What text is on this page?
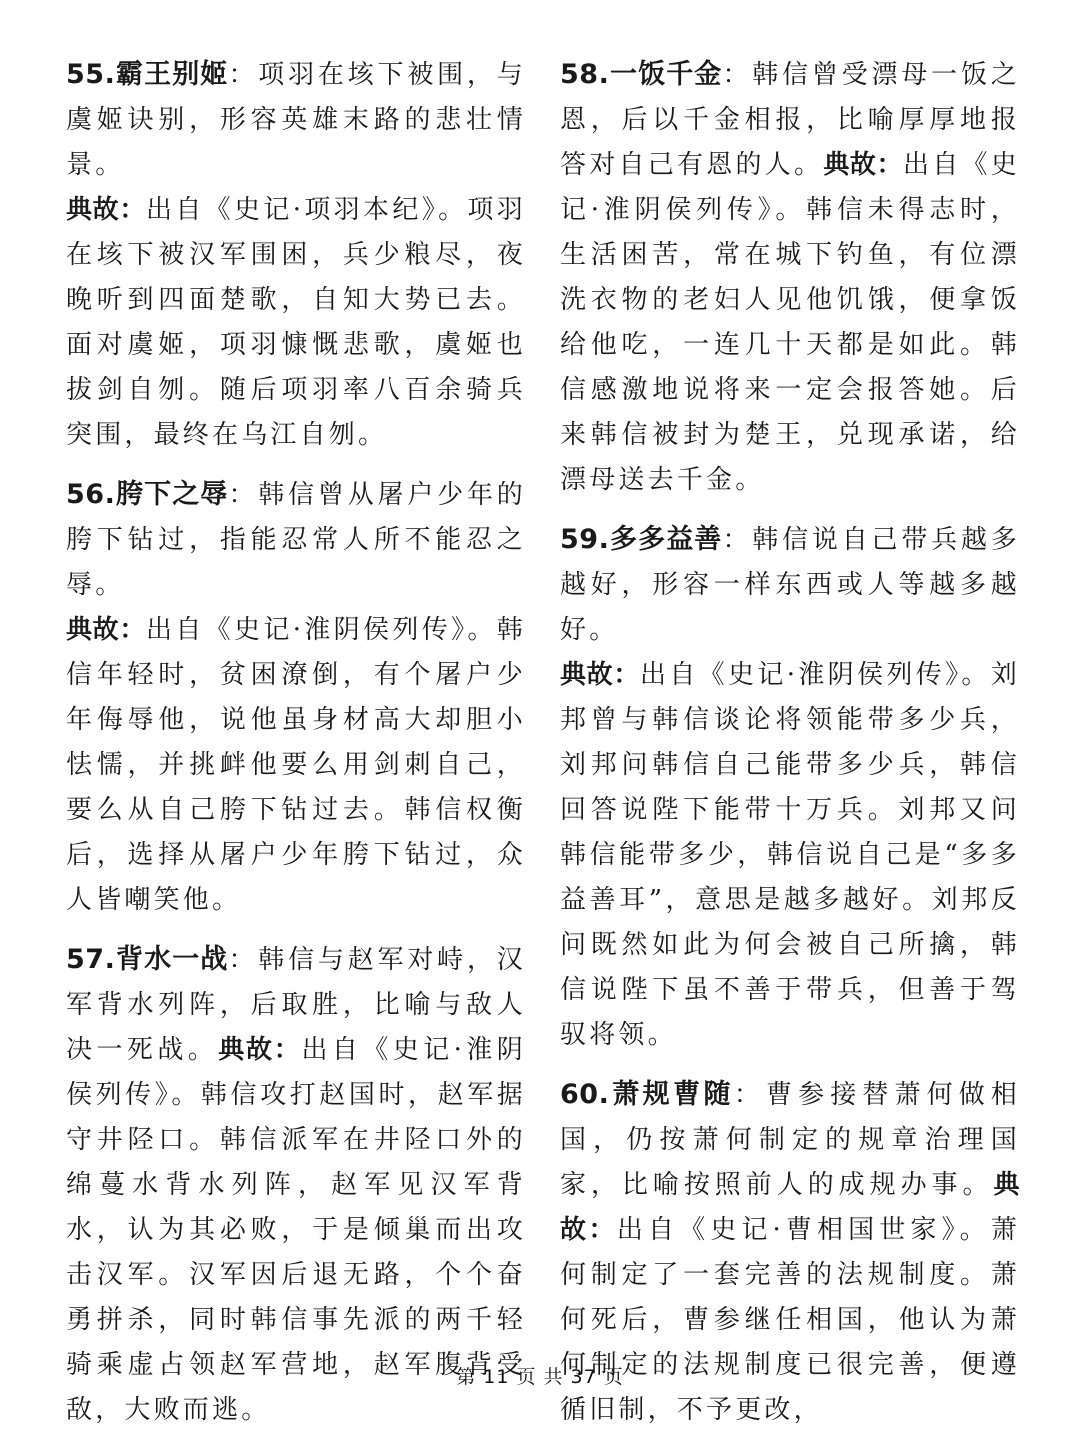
55.霸王别姬：项羽在垓下被围，与虞姬诀别，形容英雄末路的悲壮情景。
典故：出自《史记·项羽本纪》。项羽在垓下被汉军围困，兵少粮尽，夜晚听到四面楚歌，自知大势已去。面对虞姬，项羽慷慨悲歌，虞姬也拔剑自刎。随后项羽率八百余骑兵突围，最终在乌江自刎。
56.胯下之辱：韩信曾从屠户少年的胯下钻过，指能忍常人所不能忍之辱。
典故：出自《史记·淮阴侯列传》。韩信年轻时，贫困潦倒，有个屠户少年侮辱他，说他虽身材高大却胆小怯懦，并挑衅他要么用剑刺自己，要么从自己胯下钻过去。韩信权衡后，选择从屠户少年胯下钻过，众人皆嘲笑他。
57.背水一战：韩信与赵军对峙，汉军背水列阵，后取胜，比喻与敌人决一死战。典故：出自《史记·淮阴侯列传》。韩信攻打赵国时，赵军据守井陉口。韩信派军在井陉口外的绵蔓水背水列阵，赵军见汉军背水，认为其必败，于是倾巢而出攻击汉军。汉军因后退无路，个个奋勇拼杀，同时韩信事先派的两千轻骑乘虚占领赵军营地，赵军腹背受敌，大败而逃。
58.一饭千金：韩信曾受漂母一饭之恩，后以千金相报，比喻厚厚地报答对自己有恩的人。典故：出自《史记·淮阴侯列传》。韩信未得志时，生活困苦，常在城下钓鱼，有位漂洗衣物的老妇人见他饥饿，便拿饭给他吃，一连几十天都是如此。韩信感激地说将来一定会报答她。后来韩信被封为楚王，兑现承诺，给漂母送去千金。
59.多多益善：韩信说自己带兵越多越好，形容一样东西或人等越多越好。
典故：出自《史记·淮阴侯列传》。刘邦曾与韩信谈论将领能带多少兵，刘邦问韩信自己能带多少兵，韩信回答说陛下能带十万兵。刘邦又问韩信能带多少，韩信说自己是“多多益善耳”，意思是越多越好。刘邦反问既然如此为何会被自己所擒，韩信说陛下虽不善于带兵，但善于驾驭将领。
60.萧规曹随：曹参接替萧何做相国，仍按萧何制定的规章治理国家，比喻按照前人的成规办事。典故：出自《史记·曹相国世家》。萧何制定了一套完善的法规制度。萧何死后，曹参继任相国，他认为萧何制定的法规制度已很完善，便遵循旧制，不予更改，
第 11 页 共 37 页
